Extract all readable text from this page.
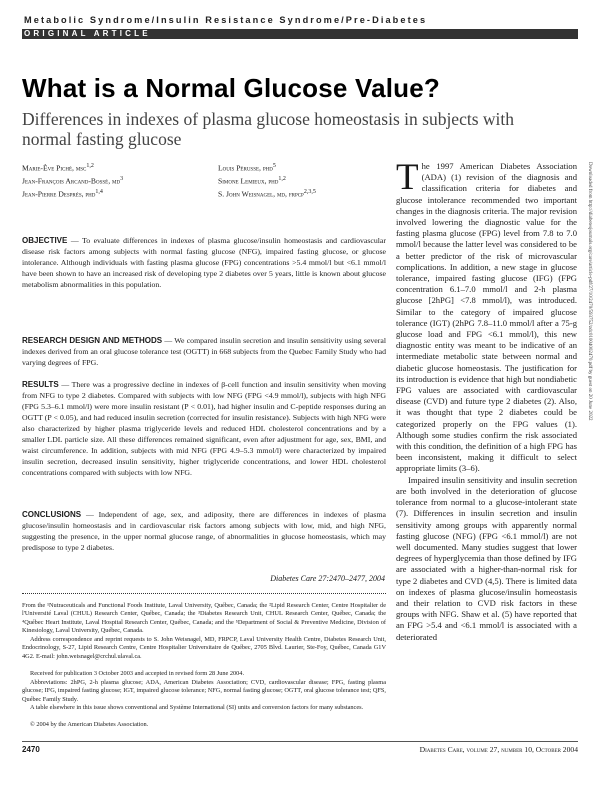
Metabolic Syndrome/Insulin Resistance Syndrome/Pre-Diabetes
ORIGINAL ARTICLE
What is a Normal Glucose Value?
Differences in indexes of plasma glucose homeostasis in subjects with normal fasting glucose
Marie-Ève Piché, msc$^{1,2}$
Jean-François Arcand-Bossé, $md^3$
Jean-Pierre Després, phd$^{1,4}$
Louis Pérusse, phd$^5$
Simone Lemieux, phd$^{1,2}$
S. John Weisnagel, md, frpcp$^{2,3,5}$
OBJECTIVE — To evaluate differences in indexes of plasma glucose/insulin homeostasis and cardiovascular disease risk factors among subjects with normal fasting glucose (NFG), impaired fasting glucose, or glucose intolerance. Although individuals with fasting plasma glucose (FPG) concentrations >5.4 mmol/l but <6.1 mmol/l have been shown to have an increased risk of developing type 2 diabetes over 5 years, little is known about glucose metabolism abnormalities in this population.
RESEARCH DESIGN AND METHODS — We compared insulin secretion and insulin sensitivity using several indexes derived from an oral glucose tolerance test (OGTT) in 668 subjects from the Quebec Family Study who had varying degrees of FPG.
RESULTS — There was a progressive decline in indexes of β-cell function and insulin sensitivity when moving from NFG to type 2 diabetes. Compared with subjects with low NFG (FPG <4.9 mmol/l), subjects with high NFG (FPG 5.3–6.1 mmol/l) were more insulin resistant (P < 0.01), had higher insulin and C-peptide responses during an OGTT (P < 0.05), and had reduced insulin secretion (corrected for insulin resistance). Subjects with high NFG were also characterized by higher plasma triglyceride levels and reduced HDL cholesterol concentrations and by a smaller LDL particle size. All these differences remained significant, even after adjustment for age, sex, BMI, and waist circumference. In addition, subjects with mid NFG (FPG 4.9–5.3 mmol/l) were characterized by impaired insulin secretion, decreased insulin sensitivity, higher triglyceride concentrations, and lower HDL cholesterol concentrations compared with subjects with low NFG.
CONCLUSIONS — Independent of age, sex, and adiposity, there are differences in indexes of plasma glucose/insulin homeostasis and in cardiovascular risk factors among subjects with low, mid, and high NFG, suggesting the presence, in the upper normal glucose range, of abnormalities in glucose homeostasis, which may predispose to type 2 diabetes.
Diabetes Care 27:2470–2477, 2004
From the ¹Nutraceuticals and Functional Foods Institute, Laval University, Québec, Canada; the ²Lipid Research Center, Centre Hospitalier de l'Université Laval (CHUL) Research Center, Québec, Canada; the ³Diabetes Research Unit, CHUL Research Center, Québec, Canada; the ⁴Québec Heart Institute, Laval Hospital Research Center, Québec, Canada; and the ⁵Department of Social & Preventive Medicine, Division of Kinesiology, Laval University, Québec, Canada.
Address correspondence and reprint requests to S. John Weisnagel, MD, FRPCP, Laval University Health Centre, Diabetes Research Unit, Endocrinology, S-27, Lipid Research Centre, Centre Hospitalier Universitaire de Québec, 2705 Blvd. Laurier, Ste-Foy, Québec, Canada G1V 4G2. E-mail: john.weisnagel@crchul.ulaval.ca.
Received for publication 3 October 2003 and accepted in revised form 28 June 2004.
Abbreviations: 2hPG, 2-h plasma glucose; ADA, American Diabetes Association; CVD, cardiovascular disease; FPG, fasting plasma glucose; IFG, impaired fasting glucose; IGT, impaired glucose tolerance; NFG, normal fasting glucose; OGTT, oral glucose tolerance test; QFS, Québec Family Study.
A table elsewhere in this issue shows conventional and Système International (SI) units and conversion factors for many substances.
© 2004 by the American Diabetes Association.

The 1997 American Diabetes Association (ADA) (1) revision of the diagnosis and classification criteria for diabetes and glucose intolerance recommended two important changes in the diagnosis criteria. The major revision involved lowering the diagnostic value for the fasting plasma glucose (FPG) level from 7.8 to 7.0 mmol/l because the latter level was considered to be a better predictor of the risk of microvascular complications. In addition, a new stage in glucose tolerance, impaired fasting glucose (IFG) (FPG concentration 6.1–7.0 mmol/l and 2-h plasma glucose [2hPG] <7.8 mmol/l), was introduced. Similar to the category of impaired glucose tolerance (IGT) (2hPG 7.8–11.0 mmol/l after a 75-g glucose load and FPG <6.1 mmol/l), this new diagnostic entity was meant to be indicative of an intermediate metabolic state between normal and diabetic glucose homeostasis. The justification for its introduction is evidence that high but nondiabetic FPG values are associated with cardiovascular disease (CVD) and future type 2 diabetes (2). Also, it was thought that type 2 diabetes could be categorized properly on the FPG values (1). Although some studies confirm the risk associated with this condition, the definition of a high FPG has been inconsistent, making it difficult to select appropriate limits (3–6).

Impaired insulin sensitivity and insulin secretion are both involved in the deterioration of glucose tolerance from normal to a glucose-intolerant state (7). Differences in insulin secretion and insulin sensitivity among groups with apparently normal fasting glucose (NFG) (FPG <6.1 mmol/l) are not well documented. Many studies suggest that lower degrees of hyperglycemia than those defined by IFG are associated with a higher-than-normal risk for type 2 diabetes and CVD (4,5). There is limited data on indexes of plasma glucose/insulin homeostasis and their relation to CVD risk factors in these groups with NFG. Shaw et al. (5) have reported that an FPG >5.4 and <6.1 mmol/l is associated with a deteriorated

Downloaded from http://diabetesjournals.org/care/article-pdf/27/10/2470/593752/zdc01004002470.pdf by guest on 20 June 2022
2470	Diabetes Care, volume 27, number 10, October 2004
